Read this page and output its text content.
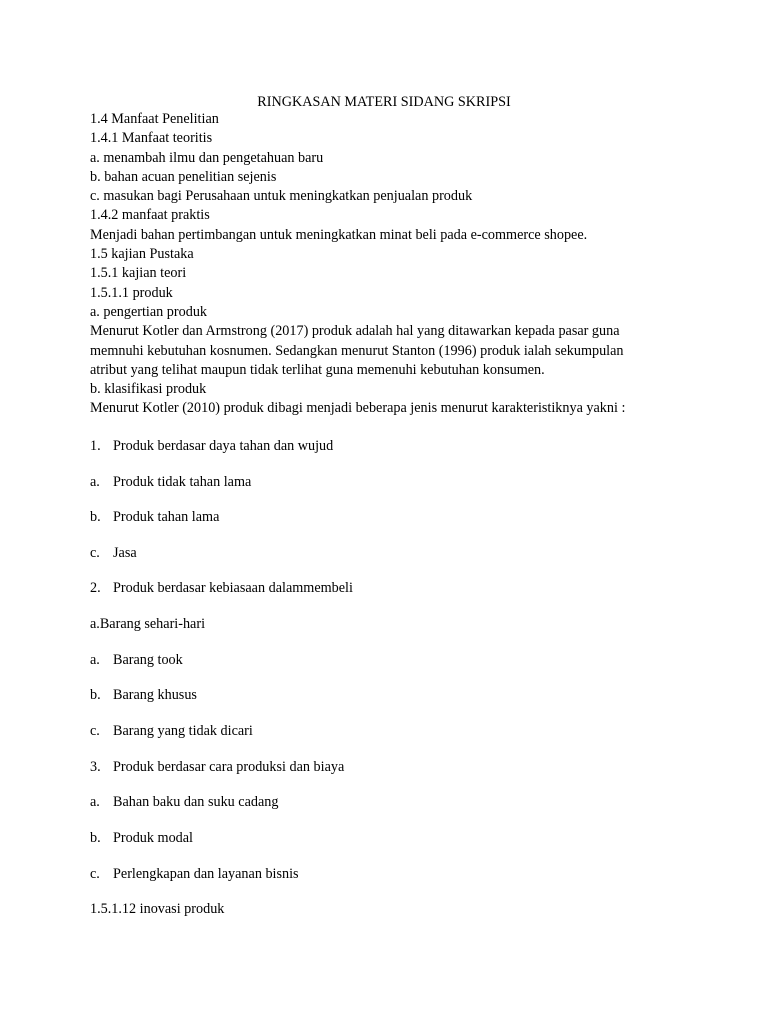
RINGKASAN MATERI SIDANG SKRIPSI
1.4 Manfaat Penelitian
1.4.1 Manfaat teoritis
a. menambah ilmu dan pengetahuan baru
b. bahan acuan penelitian sejenis
c. masukan bagi Perusahaan untuk meningkatkan penjualan produk
1.4.2 manfaat praktis
Menjadi bahan pertimbangan untuk meningkatkan minat beli pada e-commerce shopee.
1.5 kajian Pustaka
1.5.1 kajian teori
1.5.1.1 produk
a. pengertian produk
Menurut Kotler dan Armstrong (2017) produk adalah hal yang ditawarkan kepada pasar guna
memnuhi kebutuhan kosnumen. Sedangkan menurut Stanton (1996) produk ialah sekumpulan
atribut yang telihat maupun tidak terlihat guna memenuhi kebutuhan konsumen.
b. klasifikasi produk
Menurut Kotler (2010) produk dibagi menjadi beberapa jenis menurut karakteristiknya yakni :
1. Produk berdasar daya tahan dan wujud
a. Produk tidak tahan lama
b. Produk tahan lama
c. Jasa
2. Produk berdasar kebiasaan dalammembeli
a.Barang sehari-hari
a. Barang took
b. Barang khusus
c. Barang yang tidak dicari
3. Produk berdasar cara produksi dan biaya
a. Bahan baku dan suku cadang
b. Produk modal
c. Perlengkapan dan layanan bisnis
1.5.1.12 inovasi produk
